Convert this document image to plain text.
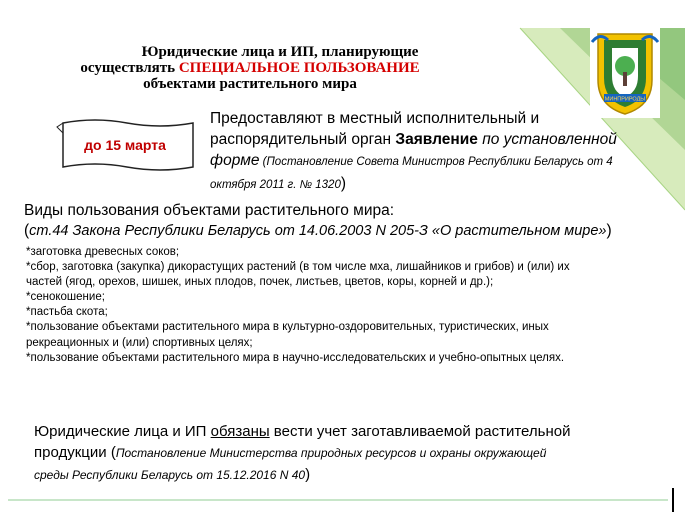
Юридические лица и ИП, планирующие
осуществлять СПЕЦИАЛЬНОЕ ПОЛЬЗОВАНИЕ
объектами растительного мира
МИНПРИРОДЫ
до 15 марта
Предоставляют в местный исполнительный и распорядительный орган Заявление по установленной форме (Постановление Совета Министров Республики Беларусь от 4 октября 2011 г. № 1320)
Виды пользования объектами растительного мира:
(ст.44 Закона Республики Беларусь от 14.06.2003 N 205-З «О растительном мире»)
*заготовка древесных соков;
*сбор, заготовка (закупка) дикорастущих растений (в том числе мха, лишайников и грибов) и (или) их частей (ягод, орехов, шишек, иных плодов, почек, листьев, цветов, коры, корней и др.);
*сенокошение;
*пастьба скота;
*пользование объектами растительного мира в культурно-оздоровительных, туристических, иных рекреационных и (или) спортивных целях;
*пользование объектами растительного мира в научно-исследовательских и учебно-опытных целях.
Юридические лица и ИП обязаны вести учет заготавливаемой растительной продукции (Постановление Министерства природных ресурсов и охраны окружающей среды Республики Беларусь от 15.12.2016 N 40)
